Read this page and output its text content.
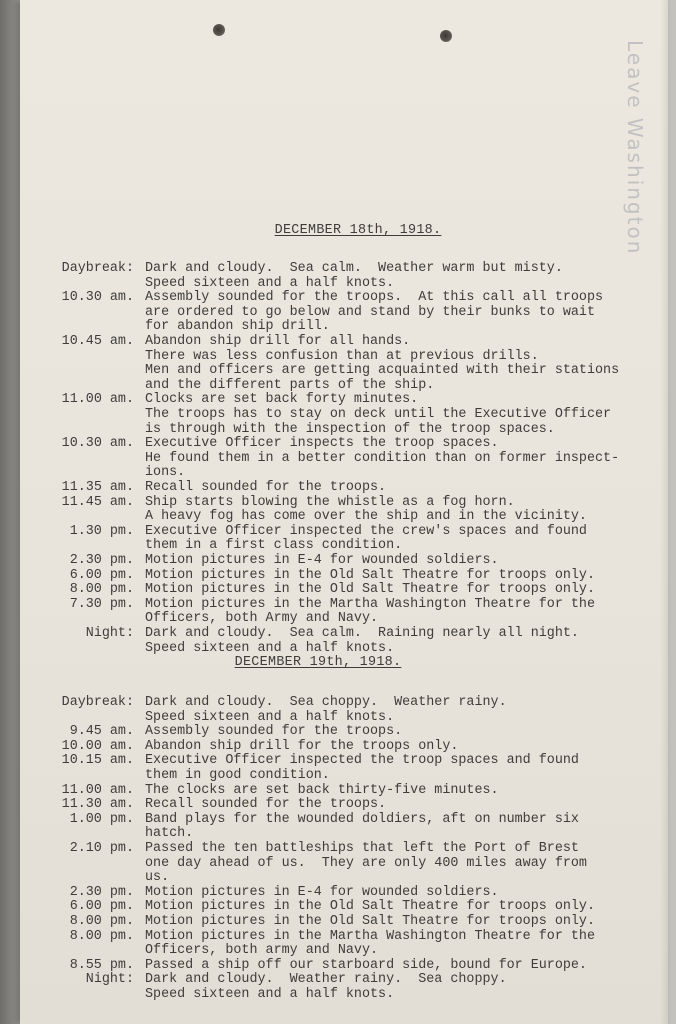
Leave Washington
DECEMBER 18th, 1918.
DECEMBER 19th, 1918.
Daybreak: Dark and cloudy.  Sea calm.  Weather warm but misty.
Speed sixteen and a half knots.
10.30 am. Assembly sounded for the troops.  At this call all troops
are ordered to go below and stand by their bunks to wait
for abandon ship drill.
10.45 am. Abandon ship drill for all hands.
There was less confusion than at previous drills.
Men and officers are getting acquainted with their stations
and the different parts of the ship.
11.00 am. Clocks are set back forty minutes.
The troops has to stay on deck until the Executive Officer
is through with the inspection of the troop spaces.
10.30 am. Executive Officer inspects the troop spaces.
He found them in a better condition than on former inspect-
ions.
11.35 am. Recall sounded for the troops.
11.45 am. Ship starts blowing the whistle as a fog horn.
A heavy fog has come over the ship and in the vicinity.
1.30 pm. Executive Officer inspected the crew's spaces and found
them in a first class condition.
2.30 pm. Motion pictures in E-4 for wounded soldiers.
6.00 pm. Motion pictures in the Old Salt Theatre for troops only.
8.00 pm. Motion pictures in the Old Salt Theatre for troops only.
7.30 pm. Motion pictures in the Martha Washington Theatre for the
Officers, both Army and Navy.
Night: Dark and cloudy.  Sea calm.  Raining nearly all night.
Speed sixteen and a half knots.
Daybreak: Dark and cloudy.  Sea choppy.  Weather rainy.
Speed sixteen and a half knots.
9.45 am. Assembly sounded for the troops.
10.00 am. Abandon ship drill for the troops only.
10.15 am. Executive Officer inspected the troop spaces and found
them in good condition.
11.00 am. The clocks are set back thirty-five minutes.
11.30 am. Recall sounded for the troops.
1.00 pm. Band plays for the wounded doldiers, aft on number six
hatch.
2.10 pm. Passed the ten battleships that left the Port of Brest
one day ahead of us.  They are only 400 miles away from
us.
2.30 pm. Motion pictures in E-4 for wounded soldiers.
6.00 pm. Motion pictures in the Old Salt Theatre for troops only.
8.00 pm. Motion pictures in the Old Salt Theatre for troops only.
8.00 pm. Motion pictures in the Martha Washington Theatre for the
Officers, both army and Navy.
8.55 pm. Passed a ship off our starboard side, bound for Europe.
Night: Dark and cloudy.  Weather rainy.  Sea choppy.
Speed sixteen and a half knots.
